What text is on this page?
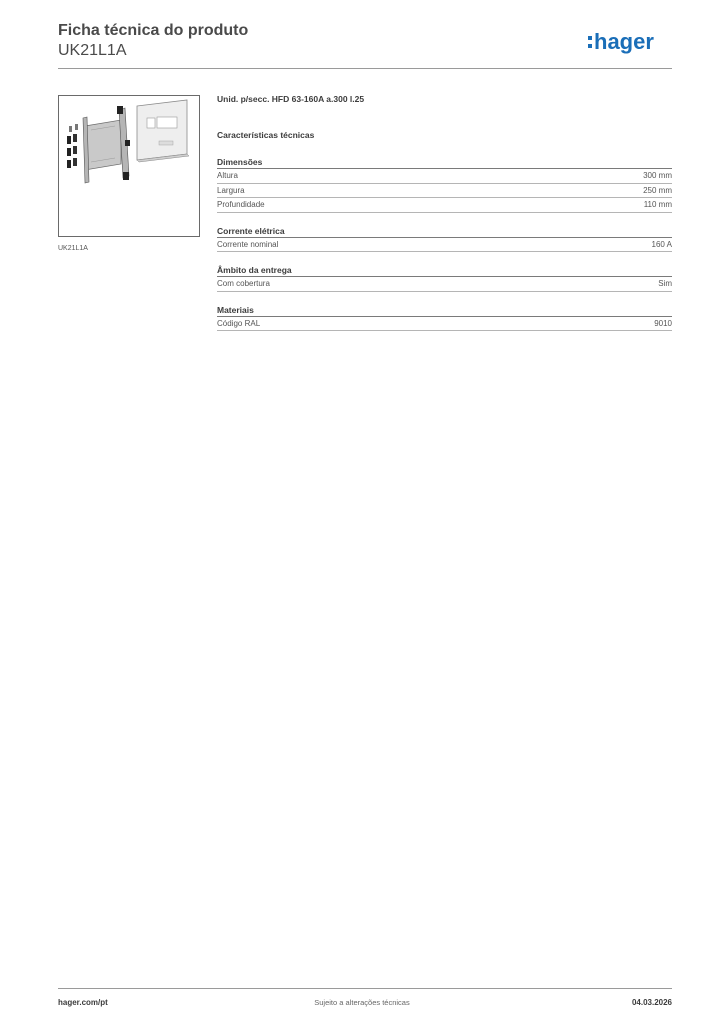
Ficha técnica do produto
UK21L1A	hager
UK21L1A
Unid. p/secc. HFD 63-160A a.300 l.25
Características técnicas
Dimensões
Altura	300 mm
Largura	250 mm
Profundidade	110 mm
Corrente elétrica
Corrente nominal	160 A
Âmbito da entrega
Com cobertura	Sim
Materiais
Código RAL	9010
hager.com/pt	Sujeito a alterações técnicas	04.03.2026
